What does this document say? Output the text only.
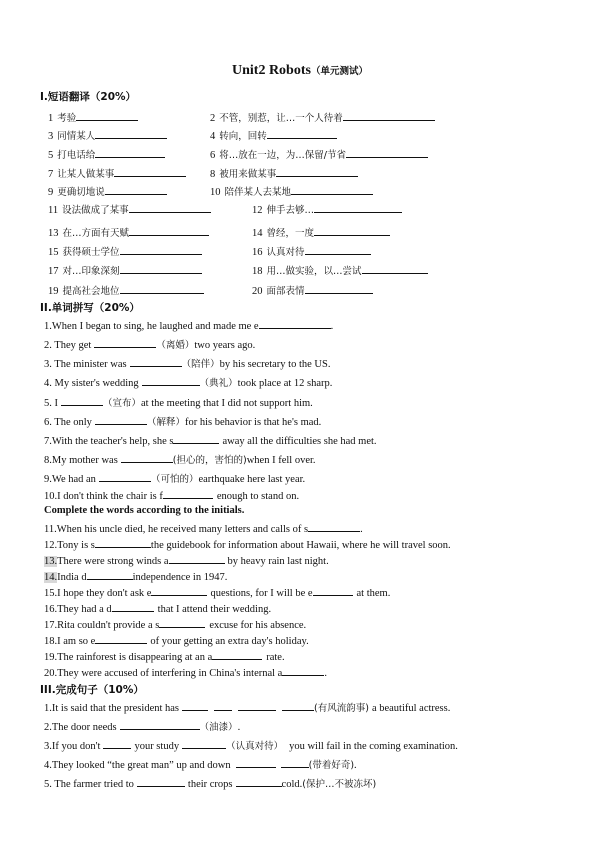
Unit2 Robots（单元测试）
I.短语翻译（20%）
1 考验	2 不管，别惹，让…一个人待着
3 同情某人	4 转向，回转
5 打电话给	6 将…放在一边，为…保留/节省
7 让某人做某事	8 被用来做某事
9 更确切地说	10 陪伴某人去某地
11 设法做成了某事	12 伸手去够…
13 在…方面有天赋	14 曾经，一度
15 获得硕士学位	16 认真对待
17 对…印象深刻	18 用…做实验，以…尝试
19 提高社会地位	20 面部表情
II.单词拼写（20%）
1.When I began to sing, he laughed and made me e	.
2. They get	（离婚）two years ago.
3. The minister was	（陪伴）by his secretary to the US.
4. My sister's wedding	（典礼）took place at 12 sharp.
5. I	（宣布）at the meeting that I did not support him.
6. The only	（解释）for his behavior is that he's mad.
7.With the teacher's help, she s	away all the difficulties she had met.
8.My mother was	(担心的，害怕的)when I fell over.
9.We had an	（可怕的）earthquake here last year.
10.I don't think the chair is f	enough to stand on.
Complete the words according to the initials.
11.When his uncle died, he received many letters and calls of s	.
12.Tony is s	the guidebook for information about Hawaii, where he will travel soon.
13.There were strong winds a	by heavy rain last night.
14.India d	independence in 1947.
15.I hope they don't ask e	questions, for I will be e	at them.
16.They had a d	that I attend their wedding.
17.Rita couldn't provide a s	excuse for his absence.
18.I am so e	of your getting an extra day's holiday.
19.The rainforest is disappearing at an a	rate.
20.They were accused of interfering in China's internal a	.
III.完成句子（10%）
1.It is said that the president has	(有风流韵事) a beautiful actress.
2.The door needs	（油漆）.
3.If you don't	your study	（认真对待） you will fail in the coming examination.
4.They looked “the great man” up and down	(带着好奇).
5. The farmer tried to	their crops	cold.(保护…不被冻坏)
